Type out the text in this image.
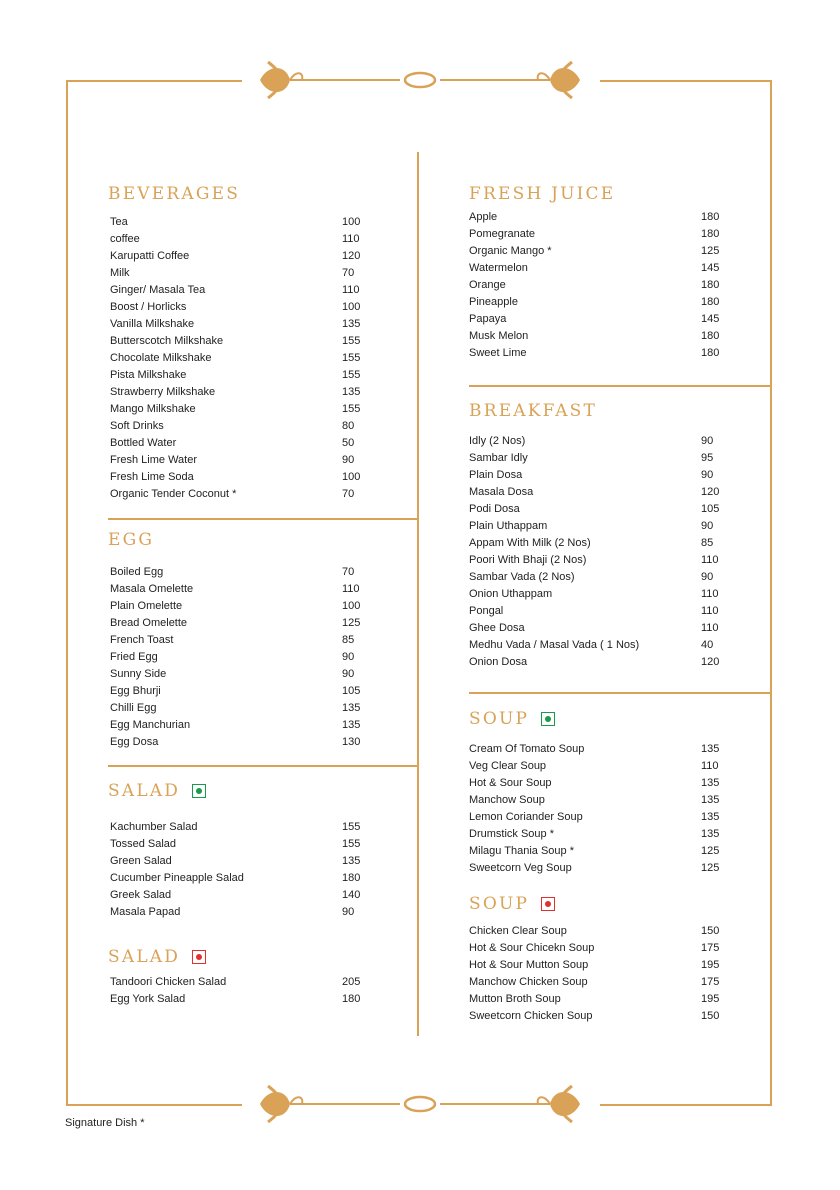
BEVERAGES
Tea	100
coffee	110
Karupatti Coffee	120
Milk	70
Ginger/ Masala Tea	110
Boost / Horlicks	100
Vanilla Milkshake	135
Butterscotch Milkshake	155
Chocolate Milkshake	155
Pista Milkshake	155
Strawberry Milkshake	135
Mango Milkshake	155
Soft Drinks	80
Bottled Water	50
Fresh Lime Water	90
Fresh Lime Soda	100
Organic Tender Coconut *	70
EGG
Boiled Egg	70
Masala Omelette	110
Plain Omelette	100
Bread Omelette	125
French Toast	85
Fried Egg	90
Sunny Side	90
Egg Bhurji	105
Chilli Egg	135
Egg Manchurian	135
Egg Dosa	130
SALAD
Kachumber Salad	155
Tossed Salad	155
Green Salad	135
Cucumber Pineapple Salad	180
Greek Salad	140
Masala Papad	90
SALAD
Tandoori Chicken Salad	205
Egg York Salad	180
FRESH JUICE
Apple	180
Pomegranate	180
Organic Mango *	125
Watermelon	145
Orange	180
Pineapple	180
Papaya	145
Musk Melon	180
Sweet Lime	180
BREAKFAST
Idly (2 Nos)	90
Sambar Idly	95
Plain Dosa	90
Masala Dosa	120
Podi Dosa	105
Plain Uthappam	90
Appam With Milk (2 Nos)	85
Poori With Bhaji (2 Nos)	110
Sambar Vada (2 Nos)	90
Onion Uthappam	110
Pongal	110
Ghee Dosa	110
Medhu Vada / Masal Vada ( 1 Nos)	40
Onion Dosa	120
SOUP
Cream Of Tomato Soup	135
Veg Clear Soup	110
Hot & Sour Soup	135
Manchow Soup	135
Lemon Coriander Soup	135
Drumstick Soup *	135
Milagu Thania Soup *	125
Sweetcorn Veg Soup	125
SOUP
Chicken Clear Soup	150
Hot & Sour Chicekn Soup	175
Hot & Sour Mutton Soup	195
Manchow Chicken Soup	175
Mutton Broth Soup	195
Sweetcorn Chicken Soup	150
Signature Dish *
